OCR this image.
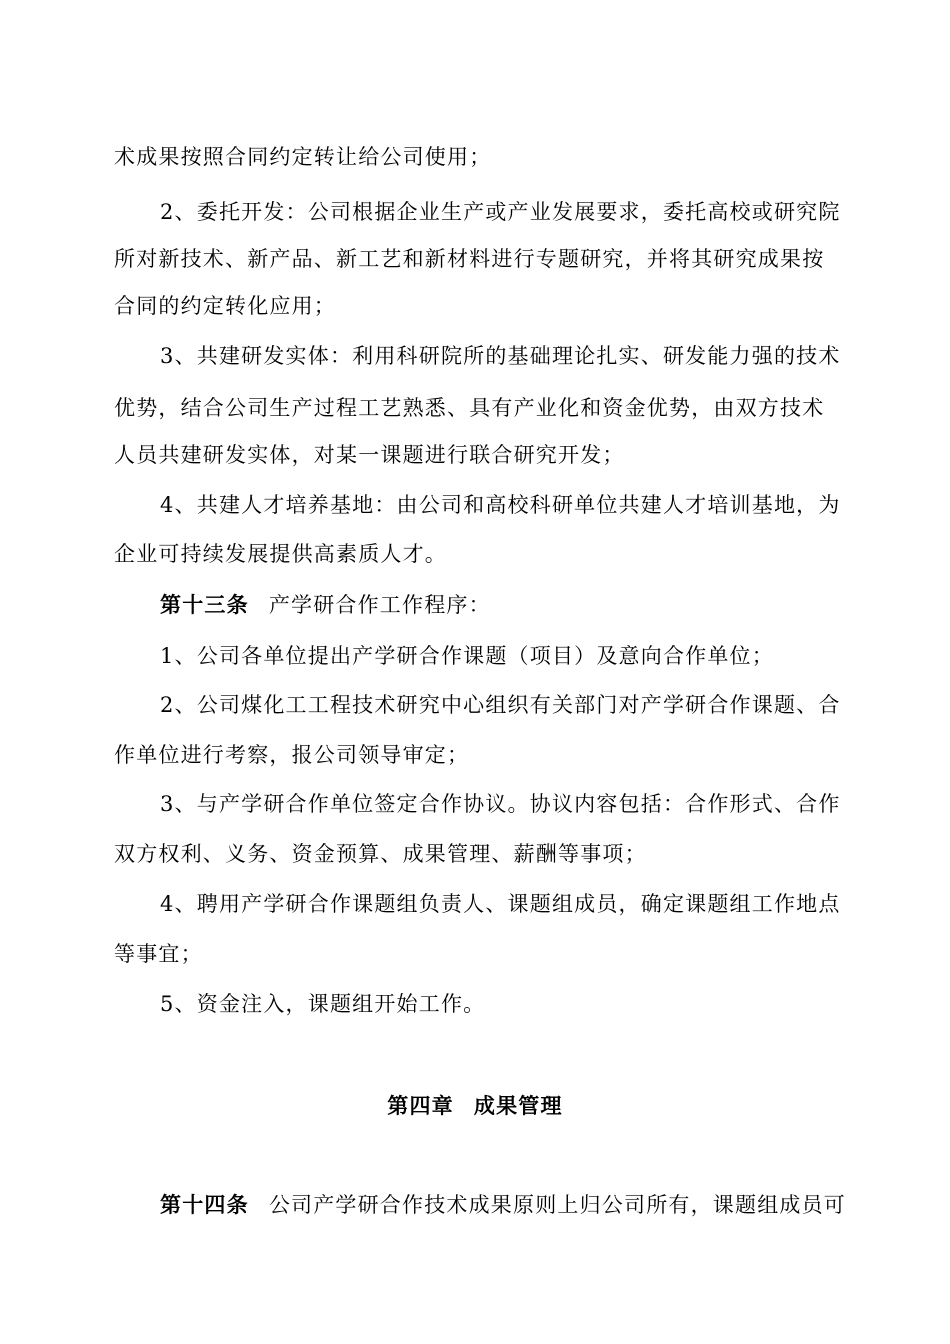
术成果按照合同约定转让给公司使用；
2、委托开发：公司根据企业生产或产业发展要求，委托高校或研究院
所对新技术、新产品、新工艺和新材料进行专题研究，并将其研究成果按
合同的约定转化应用；
3、共建研发实体：利用科研院所的基础理论扎实、研发能力强的技术
优势，结合公司生产过程工艺熟悉、具有产业化和资金优势，由双方技术
人员共建研发实体，对某一课题进行联合研究开发；
4、共建人才培养基地：由公司和高校科研单位共建人才培训基地，为
企业可持续发展提供高素质人才。
第十三条 产学研合作工作程序：
1、公司各单位提出产学研合作课题（项目）及意向合作单位；
2、公司煤化工工程技术研究中心组织有关部门对产学研合作课题、合
作单位进行考察，报公司领导审定；
3、与产学研合作单位签定合作协议。协议内容包括：合作形式、合作
双方权利、义务、资金预算、成果管理、薪酬等事项；
4、聘用产学研合作课题组负责人、课题组成员，确定课题组工作地点
等事宜；
5、资金注入，课题组开始工作。
第四章 成果管理
第十四条 公司产学研合作技术成果原则上归公司所有，课题组成员可
